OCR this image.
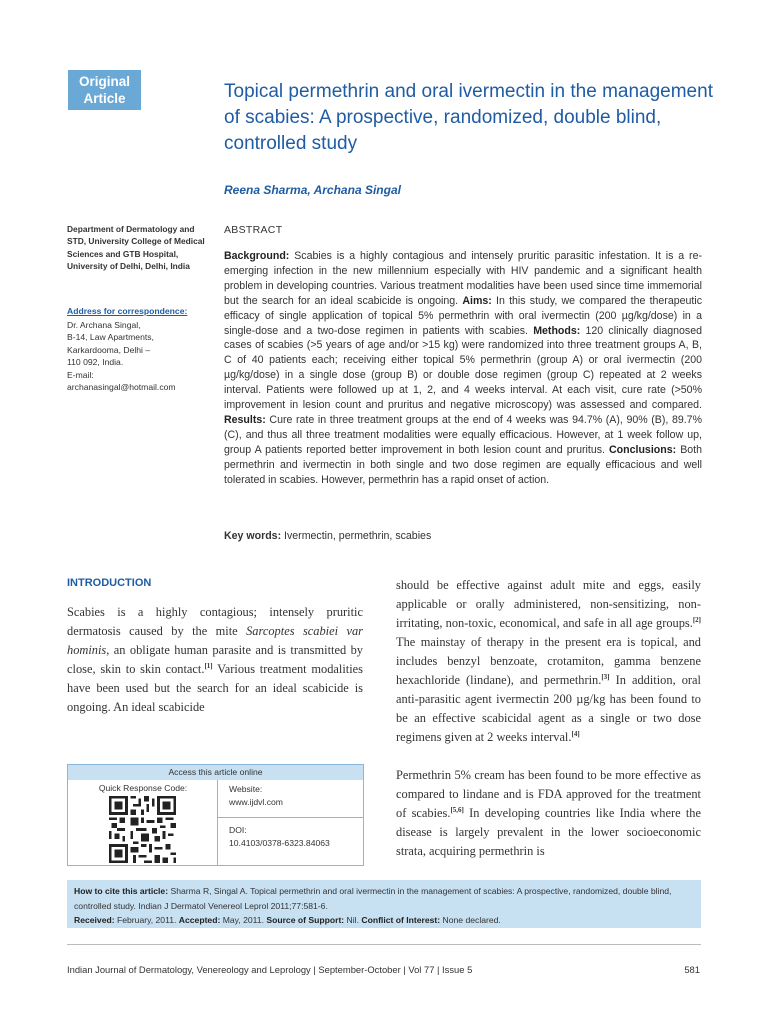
Original
Article	Topical permethrin and oral ivermectin in the management of scabies: A prospective, randomized, double blind, controlled study
Reena Sharma, Archana Singal
Department of Dermatology and STD, University College of Medical Sciences and GTB Hospital, University of Delhi, Delhi, India
Address for correspondence:
Dr. Archana Singal,
B-14, Law Apartments,
Karkardooma, Delhi –
110 092, India.
E-mail:
archanasingal@hotmail.com
ABSTRACT
Background: Scabies is a highly contagious and intensely pruritic parasitic infestation. It is a re-emerging infection in the new millennium especially with HIV pandemic and a significant health problem in developing countries. Various treatment modalities have been used since time immemorial but the search for an ideal scabicide is ongoing. Aims: In this study, we compared the therapeutic efficacy of single application of topical 5% permethrin with oral ivermectin (200 µg/kg/dose) in a single-dose and a two-dose regimen in patients with scabies. Methods: 120 clinically diagnosed cases of scabies (>5 years of age and/or >15 kg) were randomized into three treatment groups A, B, C of 40 patients each; receiving either topical 5% permethrin (group A) or oral ivermectin (200 µg/kg/dose) in a single dose (group B) or double dose regimen (group C) repeated at 2 weeks interval. Patients were followed up at 1, 2, and 4 weeks interval. At each visit, cure rate (>50% improvement in lesion count and pruritus and negative microscopy) was assessed and compared. Results: Cure rate in three treatment groups at the end of 4 weeks was 94.7% (A), 90% (B), 89.7%(C), and thus all three treatment modalities were equally efficacious. However, at 1 week follow up, group A patients reported better improvement in both lesion count and pruritus. Conclusions: Both permethrin and ivermectin in both single and two dose regimen are equally efficacious and well tolerated in scabies. However, permethrin has a rapid onset of action.
Key words: Ivermectin, permethrin, scabies
INTRODUCTION
Scabies is a highly contagious; intensely pruritic dermatosis caused by the mite Sarcoptes scabiei var hominis, an obligate human parasite and is transmitted by close, skin to skin contact.[1] Various treatment modalities have been used but the search for an ideal scabicide is ongoing. An ideal scabicide

should be effective against adult mite and eggs, easily applicable or orally administered, non-sensitizing, non-irritating, non-toxic, economical, and safe in all age groups.[2] The mainstay of therapy in the present era is topical, and includes benzyl benzoate, crotamiton, gamma benzene hexachloride (lindane), and permethrin.[3] In addition, oral anti-parasitic agent ivermectin 200 µg/kg has been found to be an effective scabicidal agent as a single or two dose regimens given at 2 weeks interval.[4]

Permethrin 5% cream has been found to be more effective as compared to lindane and is FDA approved for the treatment of scabies.[5,6] In developing countries like India where the disease is largely prevalent in the lower socioeconomic strata, acquiring permethrin is

Access this article online
Quick Response Code:	Website:
www.ijdvl.com
DOI:
10.4103/0378-6323.84063
How to cite this article: Sharma R, Singal A. Topical permethrin and oral ivermectin in the management of scabies: A prospective, randomized, double blind, controlled study. Indian J Dermatol Venereol Leprol 2011;77:581-6.
Received: February, 2011. Accepted: May, 2011. Source of Support: Nil. Conflict of Interest: None declared.
Indian Journal of Dermatology, Venereology and Leprology | September-October | Vol 77 | Issue 5	581
